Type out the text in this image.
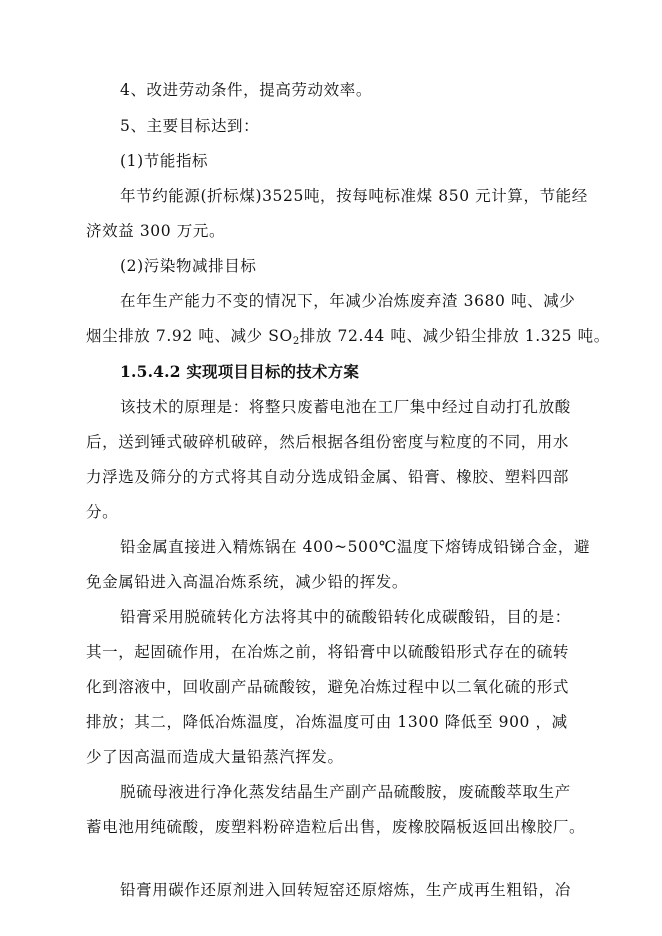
4、改进劳动条件，提高劳动效率。
5、主要目标达到：
(1)节能指标
年节约能源(折标煤)3525吨，按每吨标准煤 850 元计算，节能经
济效益 300 万元。
(2)污染物减排目标
在年生产能力不变的情况下，年减少冶炼废弃渣 3680 吨、减少
烟尘排放 7.92 吨、减少 $SO_2$排放 72.44 吨、减少铅尘排放 1.325 吨。
1.5.4.2 实现项目目标的技术方案
该技术的原理是：将整只废蓄电池在工厂集中经过自动打孔放酸
后，送到锤式破碎机破碎，然后根据各组份密度与粒度的不同，用水
力浮选及筛分的方式将其自动分选成铅金属、铅膏、橡胶、塑料四部
分。
铅金属直接进入精炼锅在 400~500℃温度下熔铸成铅锑合金，避
免金属铅进入高温冶炼系统，减少铅的挥发。
铅膏采用脱硫转化方法将其中的硫酸铅转化成碳酸铅，目的是：
其一，起固硫作用，在冶炼之前，将铅膏中以硫酸铅形式存在的硫转
化到溶液中，回收副产品硫酸铵，避免冶炼过程中以二氧化硫的形式
排放；其二，降低冶炼温度，冶炼温度可由 1300 降低至 900 ，减
少了因高温而造成大量铅蒸汽挥发。
脱硫母液进行净化蒸发结晶生产副产品硫酸胺，废硫酸萃取生产
蓄电池用纯硫酸，废塑料粉碎造粒后出售，废橡胶隔板返回出橡胶厂。
铅膏用碳作还原剂进入回转短窑还原熔炼，生产成再生粗铅，冶
